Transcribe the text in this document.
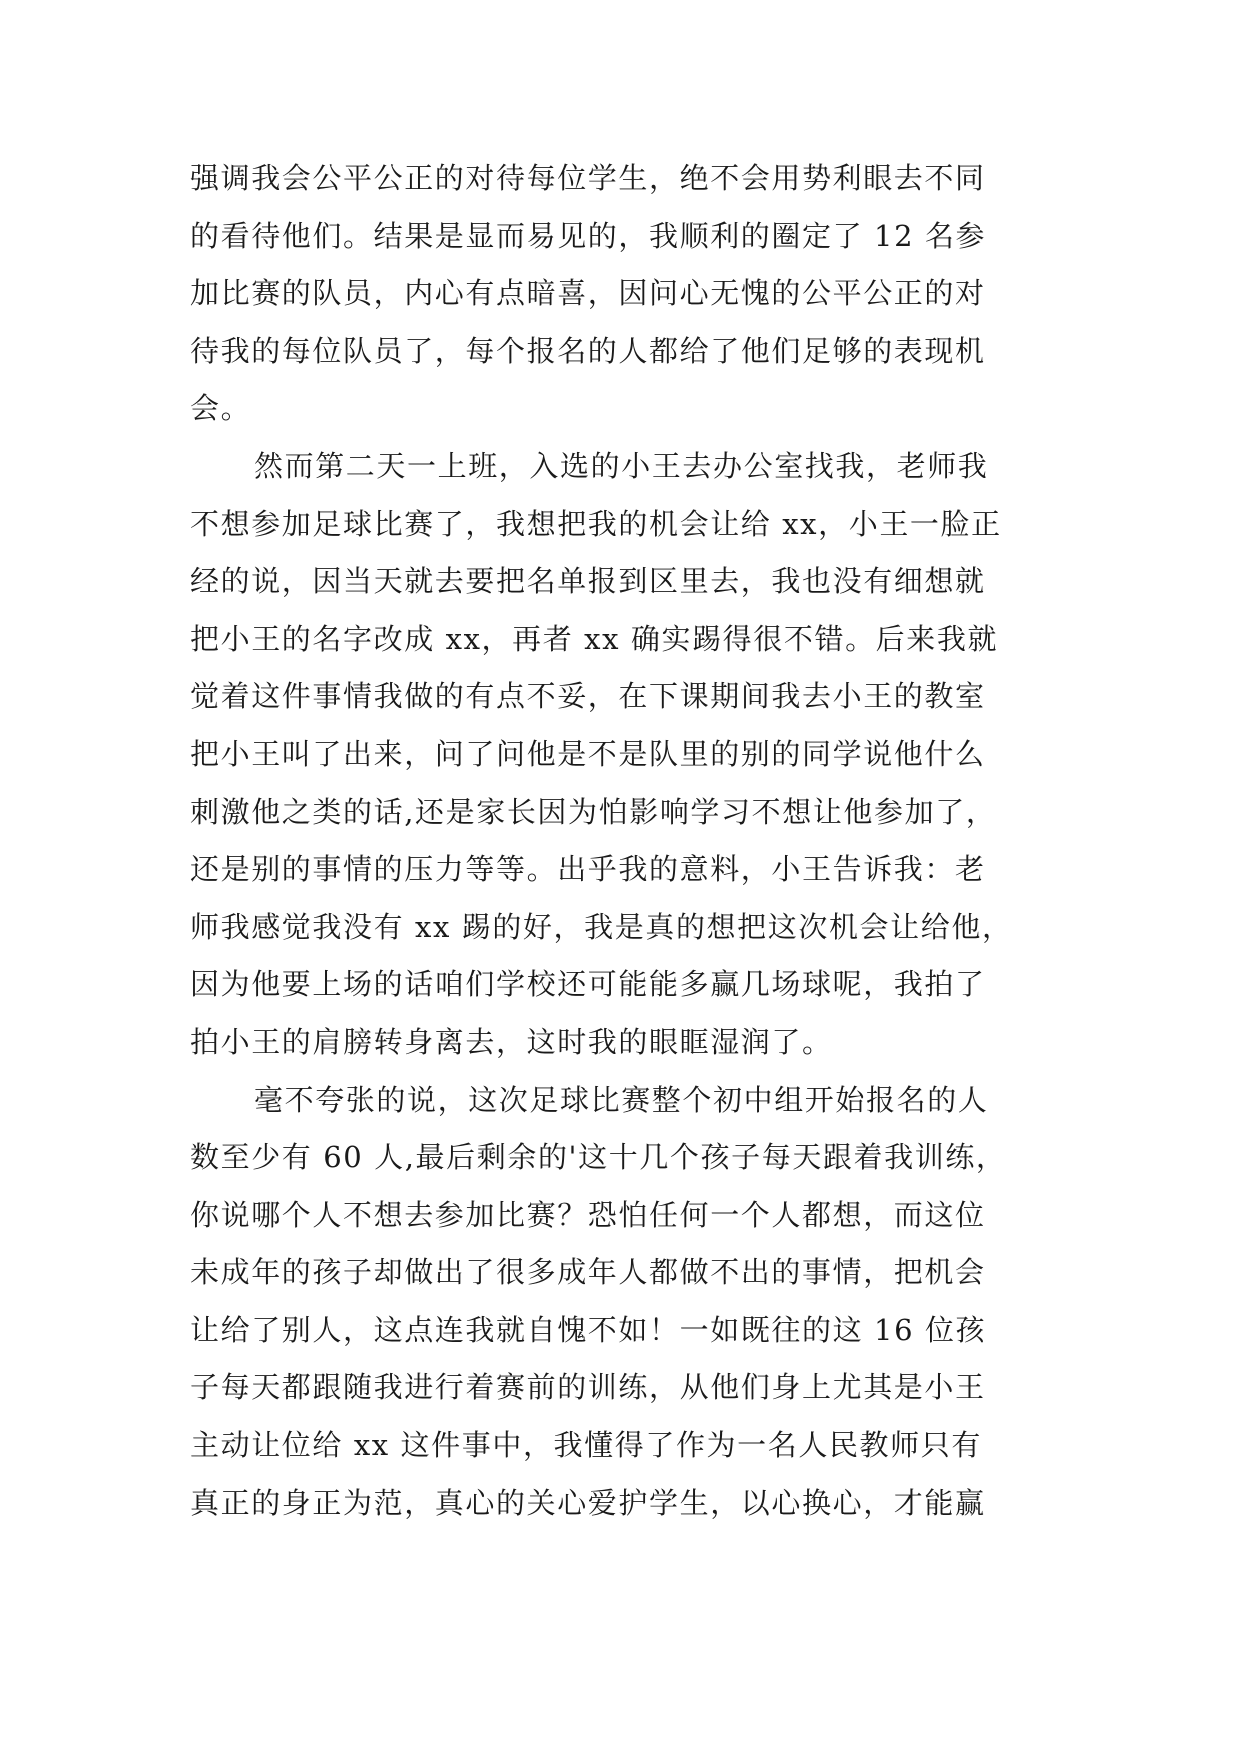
强调我会公平公正的对待每位学生，绝不会用势利眼去不同
的看待他们。结果是显而易见的，我顺利的圈定了 12 名参
加比赛的队员，内心有点暗喜，因问心无愧的公平公正的对
待我的每位队员了，每个报名的人都给了他们足够的表现机
会。
然而第二天一上班，入选的小王去办公室找我，老师我
不想参加足球比赛了，我想把我的机会让给 xx，小王一脸正
经的说，因当天就去要把名单报到区里去，我也没有细想就
把小王的名字改成 xx，再者 xx 确实踢得很不错。后来我就
觉着这件事情我做的有点不妥，在下课期间我去小王的教室
把小王叫了出来，问了问他是不是队里的别的同学说他什么
刺激他之类的话,还是家长因为怕影响学习不想让他参加了，
还是别的事情的压力等等。出乎我的意料，小王告诉我：老
师我感觉我没有 xx 踢的好，我是真的想把这次机会让给他，
因为他要上场的话咱们学校还可能能多赢几场球呢，我拍了
拍小王的肩膀转身离去，这时我的眼眶湿润了。
毫不夸张的说，这次足球比赛整个初中组开始报名的人
数至少有 60 人,最后剩余的'这十几个孩子每天跟着我训练，
你说哪个人不想去参加比赛？恐怕任何一个人都想，而这位
未成年的孩子却做出了很多成年人都做不出的事情，把机会
让给了别人，这点连我就自愧不如！一如既往的这 16 位孩
子每天都跟随我进行着赛前的训练，从他们身上尤其是小王
主动让位给 xx 这件事中，我懂得了作为一名人民教师只有
真正的身正为范，真心的关心爱护学生，以心换心，才能赢
